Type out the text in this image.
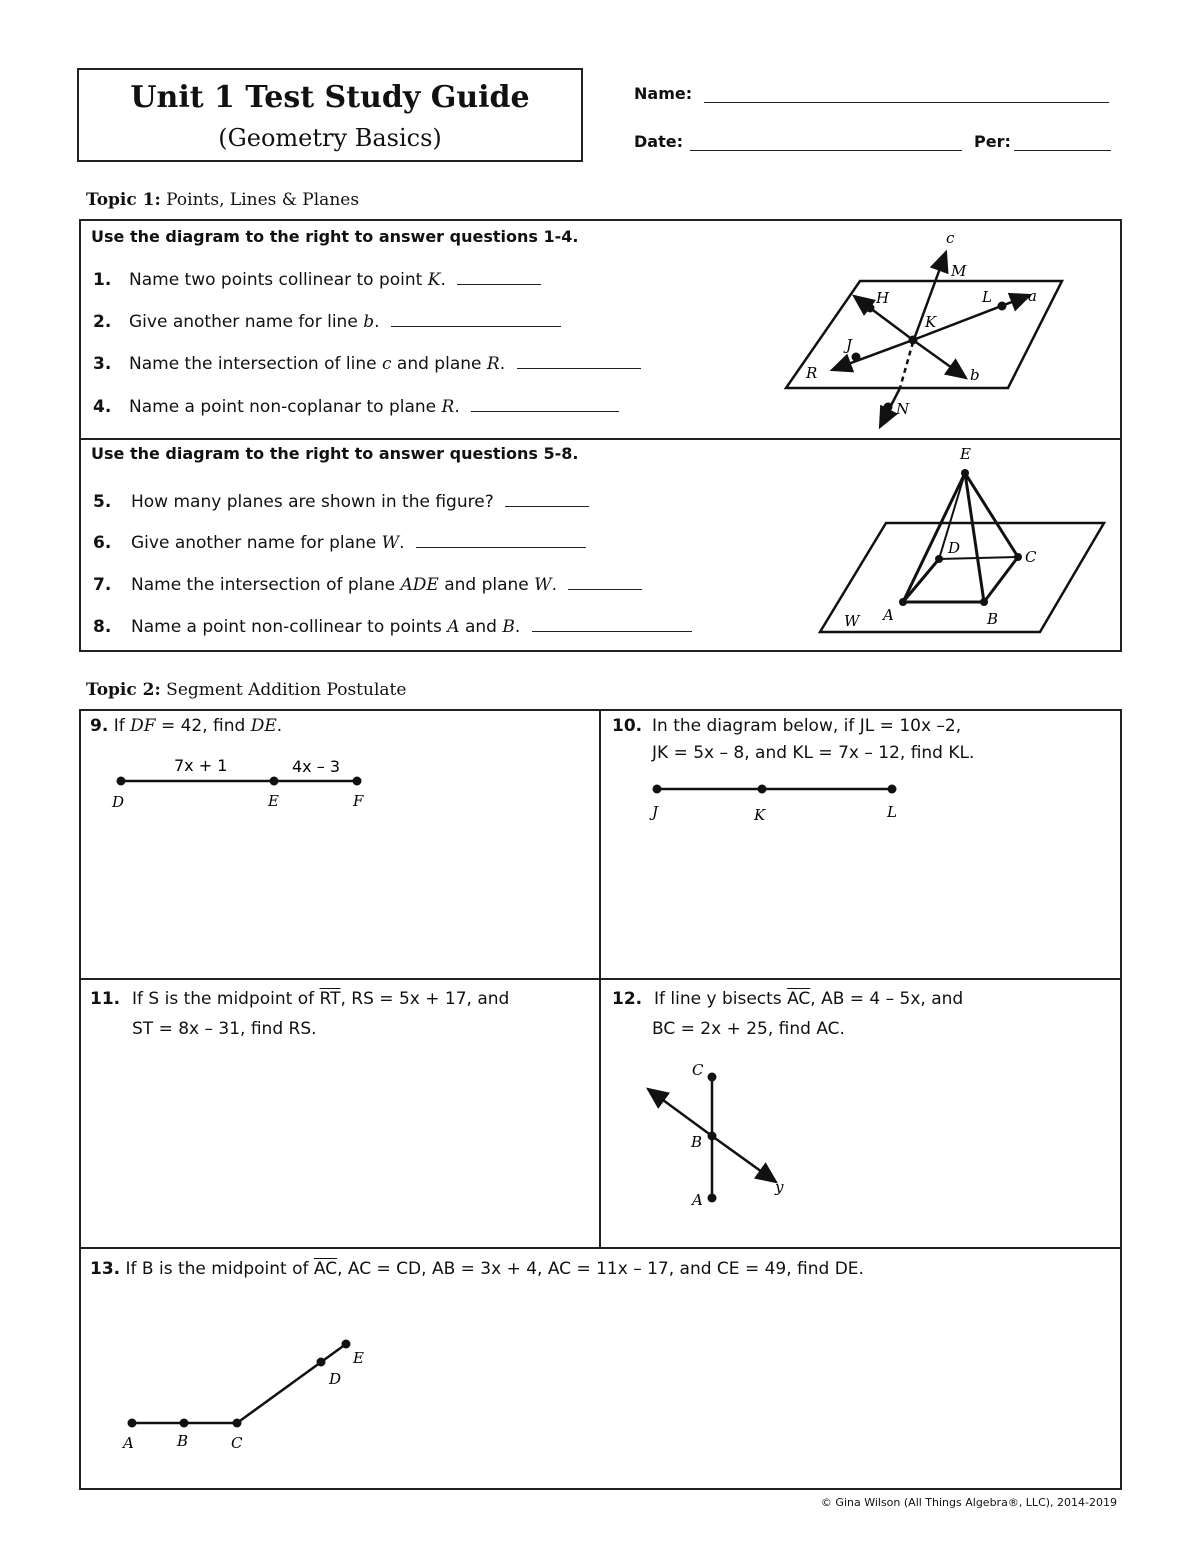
Unit 1 Test Study Guide
(Geometry Basics)
Name:
Date:	Per:
Topic 1: Points, Lines & Planes
Use the diagram to the right to answer questions 1-4.
1. Name two points collinear to point K.
2. Give another name for line b.
3. Name the intersection of line c and plane R.
4. Name a point non-coplanar to plane R.
c
M
H	L a
K
J
R	b
N
Use the diagram to the right to answer questions 5-8.
5. How many planes are shown in the figure?
6. Give another name for plane W.
7. Name the intersection of plane ADE and plane W.
8. Name a point non-collinear to points A and B.
E
D	C
A	B
W
Topic 2: Segment Addition Postulate
9. If DF = 42, find DE.
7x + 1	4x – 3
D	E	F
10. In the diagram below, if JL = 10x –2,
JK = 5x – 8, and KL = 7x – 12, find KL.
J	K	L
11. If S is the midpoint of $\overline{RT}$, RS = 5x + 17, and
ST = 8x – 31, find RS.
12. If line y bisects $\overline{AC}$, AB = 4 – 5x, and
BC = 2x + 25, find AC.
C
B
A
y
13. If B is the midpoint of $\overline{AC}$, AC = CD, AB = 3x + 4, AC = 11x – 17, and CE = 49, find DE.
A	B	C
D
E
© Gina Wilson (All Things Algebra®, LLC), 2014-2019
